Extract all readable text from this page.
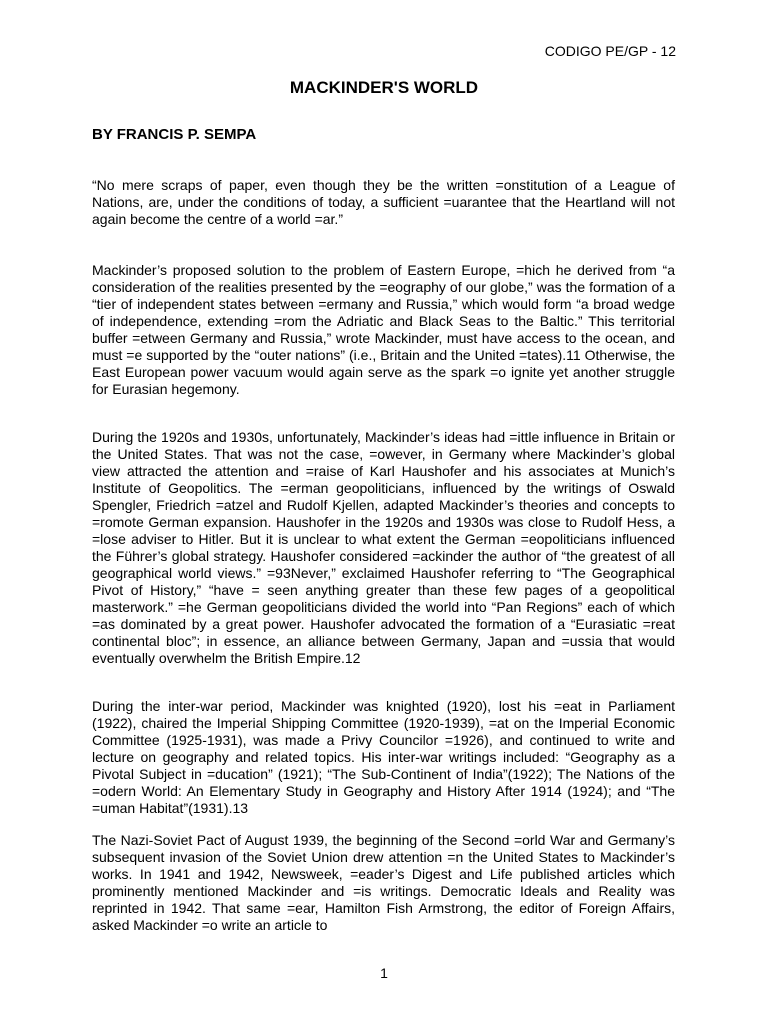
CODIGO PE/GP - 12
MACKINDER'S WORLD
BY FRANCIS P. SEMPA

“No mere scraps of paper, even though they be the written =onstitution of a League of Nations, are, under the conditions of today, a sufficient =uarantee that the Heartland will not again become the centre of a world =ar.”

Mackinder’s proposed solution to the problem of Eastern Europe, =hich he derived from “a consideration of the realities presented by the =eography of our globe,” was the formation of a “tier of independent states between =ermany and Russia,” which would form “a broad wedge of independence, extending =rom the Adriatic and Black Seas to the Baltic.” This territorial buffer =etween Germany and Russia,” wrote Mackinder, must have access to the ocean, and must =e supported by the “outer nations” (i.e., Britain and the United =tates).11 Otherwise, the East European power vacuum would again serve as the spark =o ignite yet another struggle for Eurasian hegemony.

During the 1920s and 1930s, unfortunately, Mackinder’s ideas had =ittle influence in Britain or the United States. That was not the case, =owever, in Germany where Mackinder’s global view attracted the attention and =raise of Karl Haushofer and his associates at Munich’s Institute of Geopolitics. The =erman geopoliticians, influenced by the writings of Oswald Spengler, Friedrich =atzel and Rudolf Kjellen, adapted Mackinder’s theories and concepts to =romote German expansion. Haushofer in the 1920s and 1930s was close to Rudolf Hess, a =lose adviser to Hitler. But it is unclear to what extent the German =eopoliticians influenced the Führer’s global strategy. Haushofer considered =ackinder the author of “the greatest of all geographical world views.” =93Never,” exclaimed Haushofer referring to “The Geographical Pivot of History,” “have = seen anything greater than these few pages of a geopolitical masterwork.” =he German geopoliticians divided the world into “Pan Regions” each of which =as dominated by a great power. Haushofer advocated the formation of a “Eurasiatic =reat continental bloc”; in essence, an alliance between Germany, Japan and =ussia that would eventually overwhelm the British Empire.12

During the inter-war period, Mackinder was knighted (1920), lost his =eat in Parliament (1922), chaired the Imperial Shipping Committee (1920-1939), =at on the Imperial Economic Committee (1925-1931), was made a Privy Councilor =1926), and continued to write and lecture on geography and related topics. His inter-war writings included: “Geography as a Pivotal Subject in =ducation” (1921); “The Sub-Continent of India”(1922); The Nations of the =odern World: An Elementary Study in Geography and History After 1914 (1924); and “The =uman Habitat”(1931).13

The Nazi-Soviet Pact of August 1939, the beginning of the Second =orld War and Germany’s subsequent invasion of the Soviet Union drew attention =n the United States to Mackinder’s works. In 1941 and 1942, Newsweek, =eader’s Digest and Life published articles which prominently mentioned Mackinder and =is writings. Democratic Ideals and Reality was reprinted in 1942. That same =ear, Hamilton Fish Armstrong, the editor of Foreign Affairs, asked Mackinder =o write an article to

1
